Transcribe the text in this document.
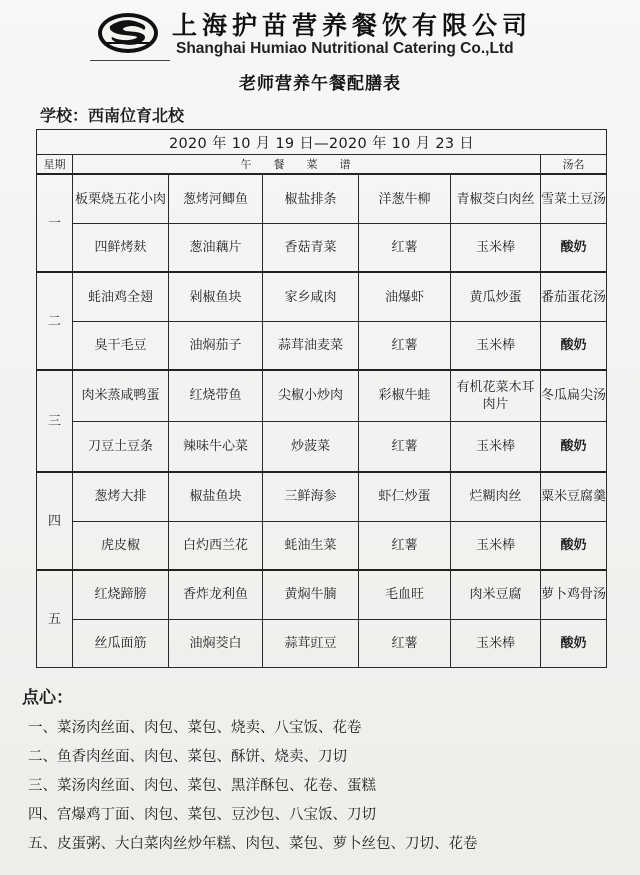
上海护苗营养餐饮有限公司
Shanghai Humiao Nutritional Catering Co.,Ltd
老师营养午餐配膳表
学校：西南位育北校
2020 年 10 月 19 日—2020 年 10 月 23 日						
星期	午餐菜谱					汤名
一	板栗烧五花小肉	葱烤河鲫鱼	椒盐排条	洋葱牛柳	青椒茭白肉丝	雪菜土豆汤
	四鲜烤麸	葱油藕片	香菇青菜	红薯	玉米棒	酸奶
二	蚝油鸡全翅	剁椒鱼块	家乡咸肉	油爆虾	黄瓜炒蛋	番茄蛋花汤
	臭干毛豆	油焖茄子	蒜茸油麦菜	红薯	玉米棒	酸奶
三	肉米蒸咸鸭蛋	红烧带鱼	尖椒小炒肉	彩椒牛蛙	有机花菜木耳肉片	冬瓜扁尖汤
	刀豆土豆条	辣味牛心菜	炒菠菜	红薯	玉米棒	酸奶
四	葱烤大排	椒盐鱼块	三鲜海参	虾仁炒蛋	烂糊肉丝	粟米豆腐羹
	虎皮椒	白灼西兰花	蚝油生菜	红薯	玉米棒	酸奶
五	红烧蹄膀	香炸龙利鱼	黄焖牛腩	毛血旺	肉米豆腐	萝卜鸡骨汤
	丝瓜面筋	油焖茭白	蒜茸豇豆	红薯	玉米棒	酸奶
点心：
一、菜汤肉丝面、肉包、菜包、烧卖、八宝饭、花卷
二、鱼香肉丝面、肉包、菜包、酥饼、烧卖、刀切
三、菜汤肉丝面、肉包、菜包、黑洋酥包、花卷、蛋糕
四、宫爆鸡丁面、肉包、菜包、豆沙包、八宝饭、刀切
五、皮蛋粥、大白菜肉丝炒年糕、肉包、菜包、萝卜丝包、刀切、花卷
